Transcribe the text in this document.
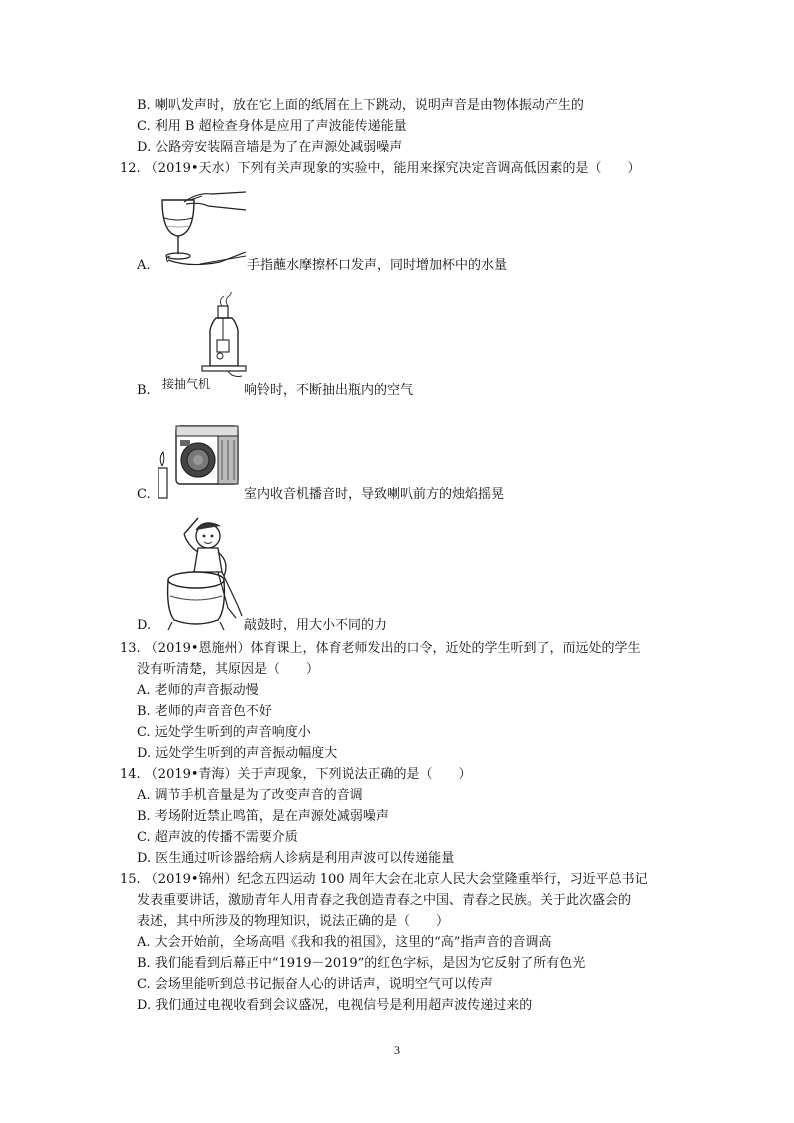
B. 喇叭发声时，放在它上面的纸屑在上下跳动，说明声音是由物体振动产生的
C. 利用 B 超检查身体是应用了声波能传递能量
D. 公路旁安装隔音墙是为了在声源处减弱噪声
12. （2019•天水）下列有关声现象的实验中，能用来探究决定音调高低因素的是（　　）
A.	手指蘸水摩擦杯口发声，同时增加杯中的水量
接抽气机
B.	响铃时，不断抽出瓶内的空气
C.	室内收音机播音时，导致喇叭前方的烛焰摇晃
D.	敲鼓时，用大小不同的力
13. （2019•恩施州）体育课上，体育老师发出的口令，近处的学生听到了，而远处的学生
没有听清楚，其原因是（　　）
A. 老师的声音振动慢
B. 老师的声音音色不好
C. 远处学生听到的声音响度小
D. 远处学生听到的声音振动幅度大
14. （2019•青海）关于声现象，下列说法正确的是（　　）
A. 调节手机音量是为了改变声音的音调
B. 考场附近禁止鸣笛，是在声源处减弱噪声
C. 超声波的传播不需要介质
D. 医生通过听诊器给病人诊病是利用声波可以传递能量
15. （2019•锦州）纪念五四运动 100 周年大会在北京人民大会堂隆重举行，习近平总书记
发表重要讲话，激励青年人用青春之我创造青春之中国、青春之民族。关于此次盛会的
表述，其中所涉及的物理知识，说法正确的是（　　）
A. 大会开始前，全场高唱《我和我的祖国》，这里的“高”指声音的音调高
B. 我们能看到后幕正中“1919－2019”的红色字标，是因为它反射了所有色光
C. 会场里能听到总书记振奋人心的讲话声，说明空气可以传声
D. 我们通过电视收看到会议盛况，电视信号是利用超声波传递过来的
3
